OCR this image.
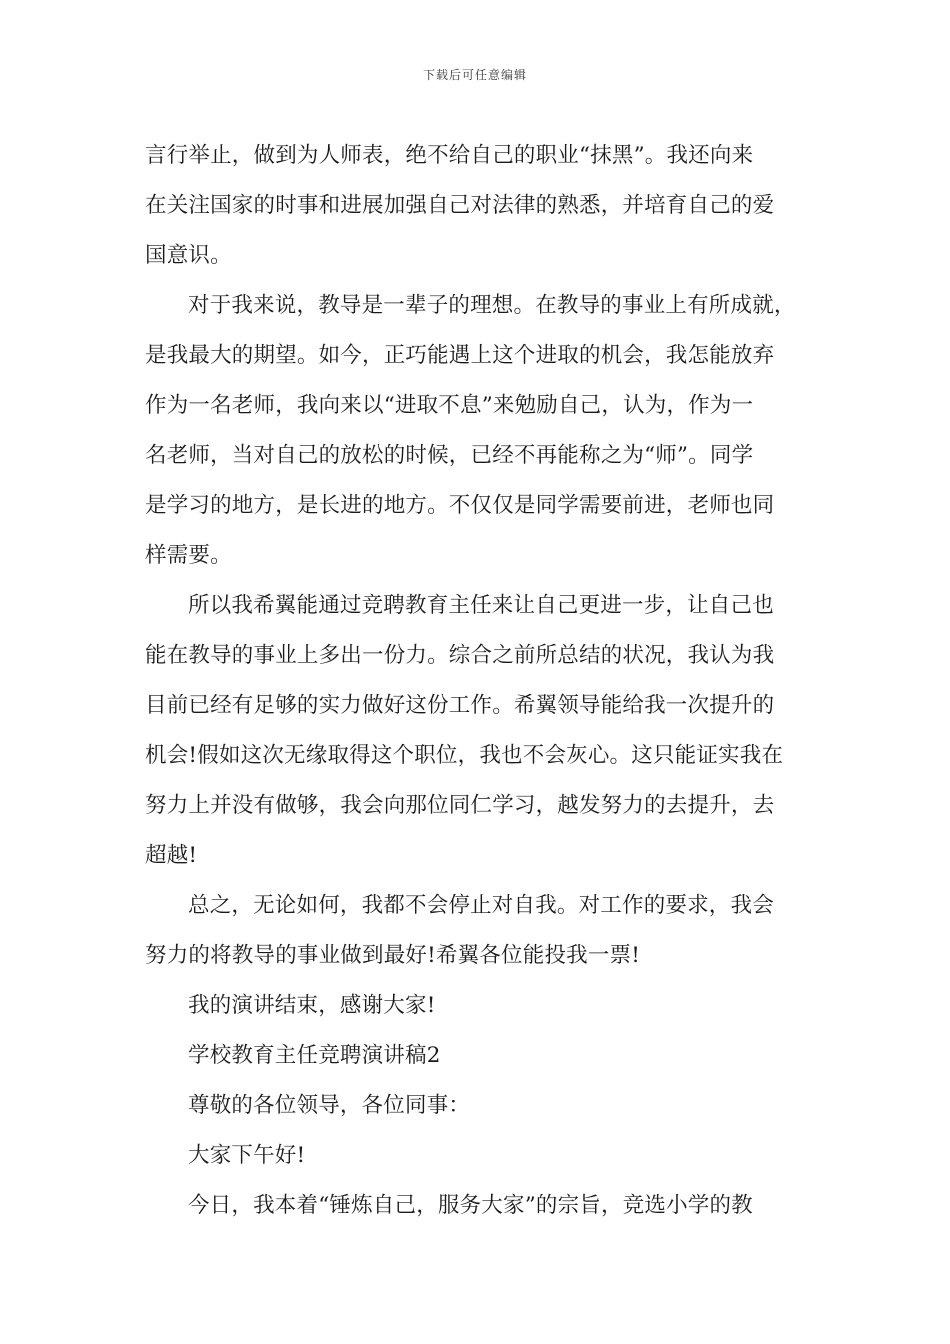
下载后可任意编辑
言行举止，做到为人师表，绝不给自己的职业“抹黑”。我还向来
在关注国家的时事和进展加强自己对法律的熟悉，并培育自己的爱
国意识。
对于我来说，教导是一辈子的理想。在教导的事业上有所成就，
是我最大的期望。如今，正巧能遇上这个进取的机会，我怎能放弃
作为一名老师，我向来以“进取不息”来勉励自己，认为，作为一
名老师，当对自己的放松的时候，已经不再能称之为“师”。同学
是学习的地方，是长进的地方。不仅仅是同学需要前进，老师也同
样需要。
所以我希翼能通过竞聘教育主任来让自己更进一步，让自己也
能在教导的事业上多出一份力。综合之前所总结的状况，我认为我
目前已经有足够的实力做好这份工作。希翼领导能给我一次提升的
机会!假如这次无缘取得这个职位，我也不会灰心。这只能证实我在
努力上并没有做够，我会向那位同仁学习，越发努力的去提升，去
超越!
总之，无论如何，我都不会停止对自我。对工作的要求，我会
努力的将教导的事业做到最好!希翼各位能投我一票!
我的演讲结束，感谢大家!
学校教育主任竞聘演讲稿2
尊敬的各位领导，各位同事：
大家下午好!
今日，我本着“锤炼自己，服务大家”的宗旨，竞选小学的教
